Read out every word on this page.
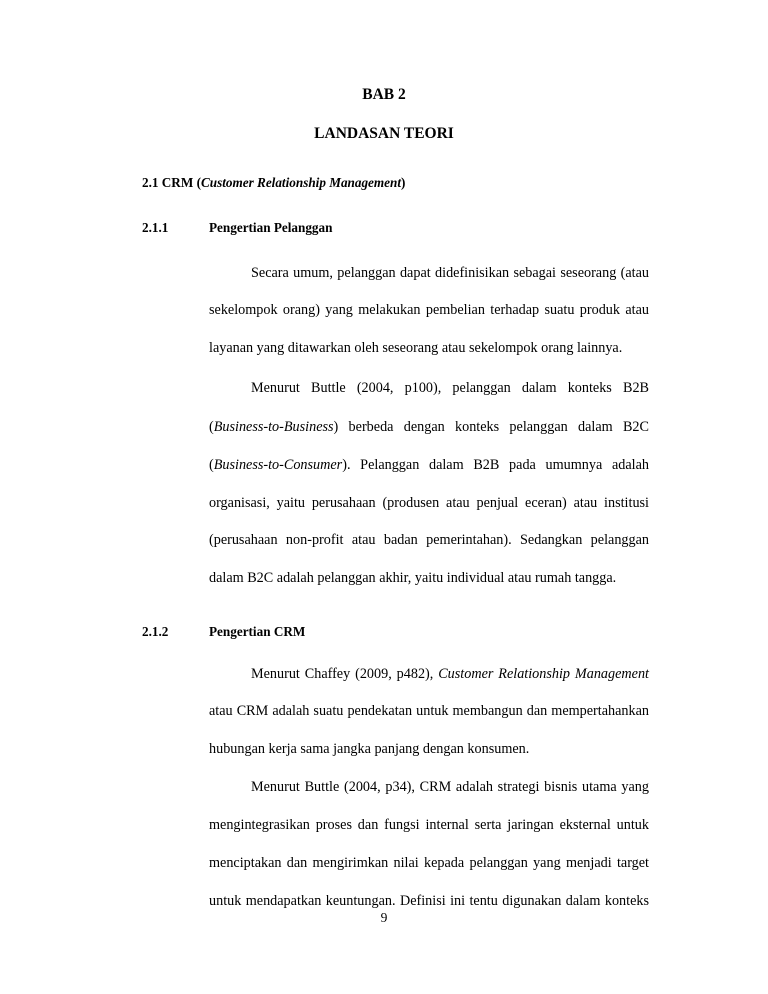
BAB 2
LANDASAN TEORI
2.1 CRM (Customer Relationship Management)
2.1.1	Pengertian Pelanggan
Secara umum, pelanggan dapat didefinisikan sebagai seseorang (atau
sekelompok orang) yang melakukan pembelian terhadap suatu produk atau
layanan yang ditawarkan oleh seseorang atau sekelompok orang lainnya.
Menurut Buttle (2004, p100), pelanggan dalam konteks B2B
(Business-to-Business) berbeda dengan konteks pelanggan dalam B2C
(Business-to-Consumer). Pelanggan dalam B2B pada umumnya adalah
organisasi, yaitu perusahaan (produsen atau penjual eceran) atau institusi
(perusahaan non-profit atau badan pemerintahan). Sedangkan pelanggan
dalam B2C adalah pelanggan akhir, yaitu individual atau rumah tangga.
2.1.2	Pengertian CRM
Menurut Chaffey (2009, p482), Customer Relationship Management
atau CRM adalah suatu pendekatan untuk membangun dan mempertahankan
hubungan kerja sama jangka panjang dengan konsumen.
Menurut Buttle (2004, p34), CRM adalah strategi bisnis utama yang
mengintegrasikan proses dan fungsi internal serta jaringan eksternal untuk
menciptakan dan mengirimkan nilai kepada pelanggan yang menjadi target
untuk mendapatkan keuntungan. Definisi ini tentu digunakan dalam konteks
9
